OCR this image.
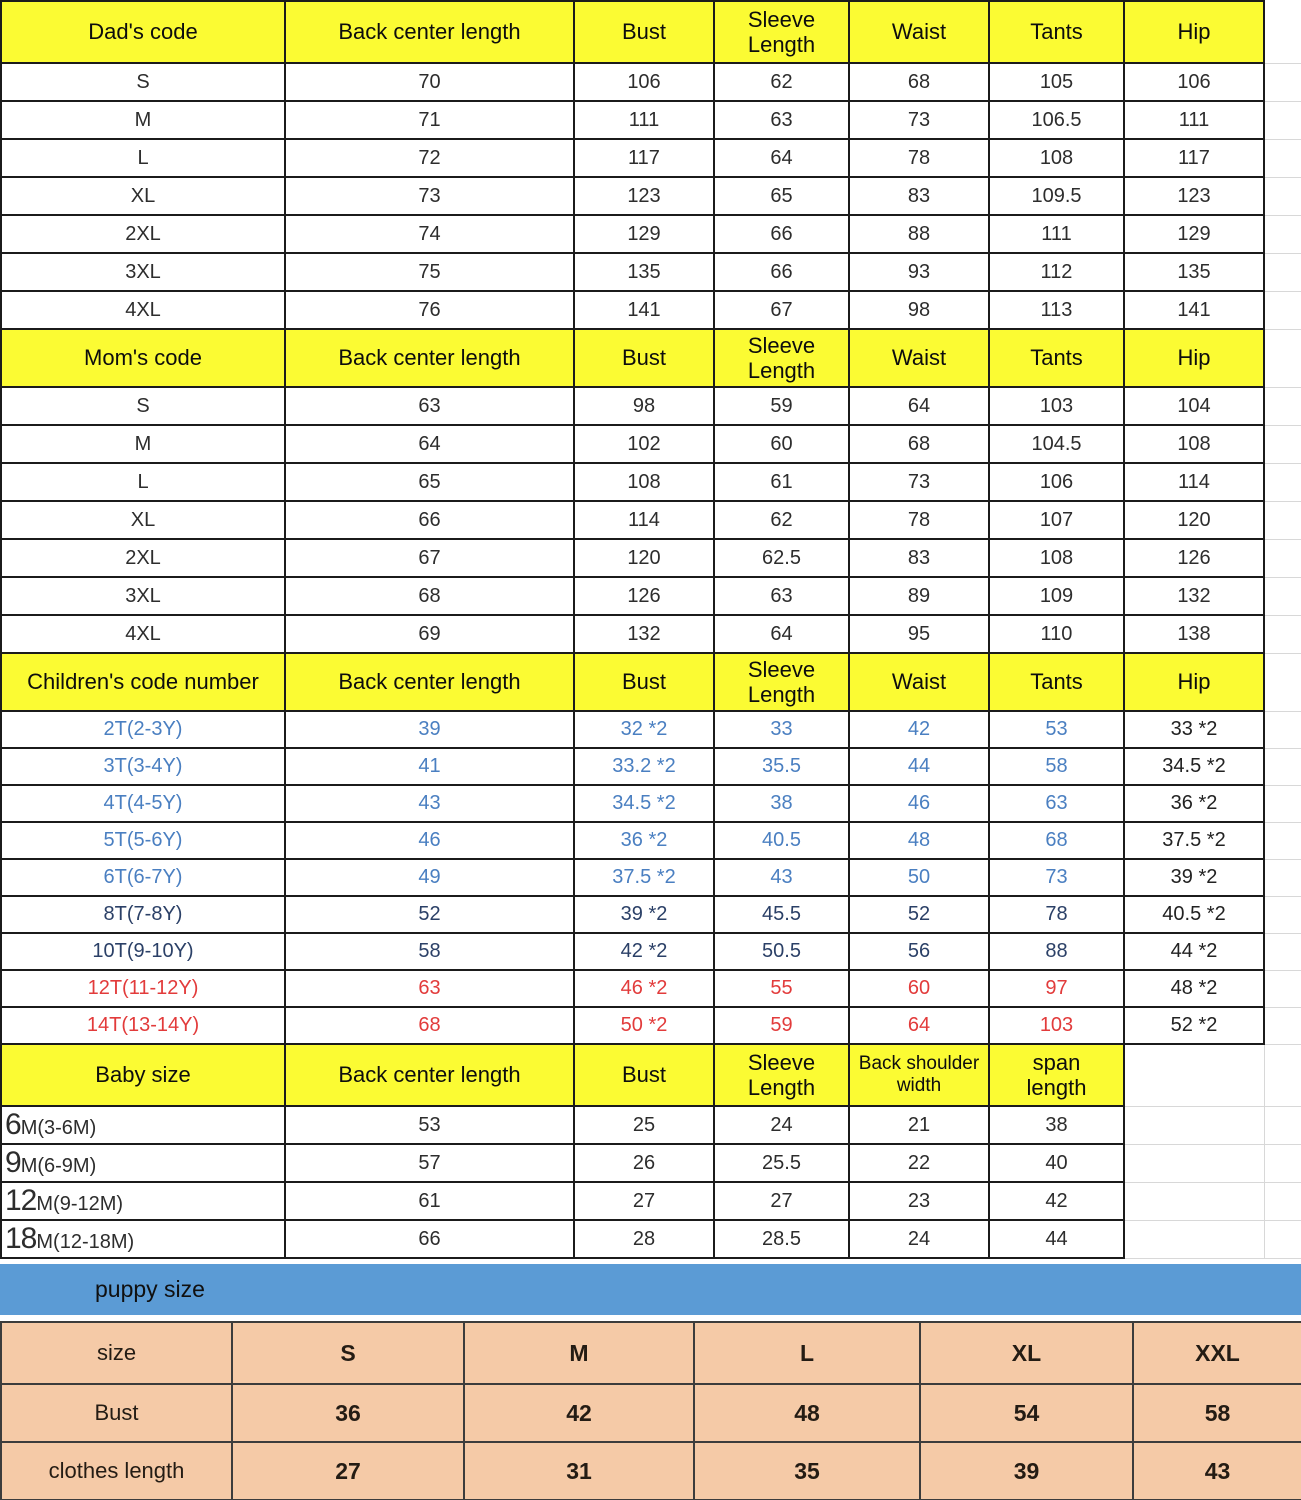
Dad's code	Back center length	Bust	Sleeve Length	Waist	Tants	Hip	
S	70	106	62	68	105	106	
M	71	111	63	73	106.5	111	
L	72	117	64	78	108	117	
XL	73	123	65	83	109.5	123	
2XL	74	129	66	88	111	129	
3XL	75	135	66	93	112	135	
4XL	76	141	67	98	113	141	
Mom's code	Back center length	Bust	Sleeve Length	Waist	Tants	Hip	
S	63	98	59	64	103	104	
M	64	102	60	68	104.5	108	
L	65	108	61	73	106	114	
XL	66	114	62	78	107	120	
2XL	67	120	62.5	83	108	126	
3XL	68	126	63	89	109	132	
4XL	69	132	64	95	110	138	
Children's code number	Back center length	Bust	Sleeve Length	Waist	Tants	Hip	
2T(2-3Y)	39	32 *2	33	42	53	33 *2	
3T(3-4Y)	41	33.2 *2	35.5	44	58	34.5 *2	
4T(4-5Y)	43	34.5 *2	38	46	63	36 *2	
5T(5-6Y)	46	36 *2	40.5	48	68	37.5 *2	
6T(6-7Y)	49	37.5 *2	43	50	73	39 *2	
8T(7-8Y)	52	39 *2	45.5	52	78	40.5 *2	
10T(9-10Y)	58	42 *2	50.5	56	88	44 *2	
12T(11-12Y)	63	46 *2	55	60	97	48 *2	
14T(13-14Y)	68	50 *2	59	64	103	52 *2	
Baby size	Back center length	Bust	Sleeve Length	Back shoulder width	span length		
6M(3-6M)	53	25	24	21	38		
9M(6-9M)	57	26	25.5	22	40		
12M(9-12M)	61	27	27	23	42		
18M(12-18M)	66	28	28.5	24	44		
puppy size
size	S	M	L	XL	XXL
Bust	36	42	48	54	58
clothes length	27	31	35	39	43
